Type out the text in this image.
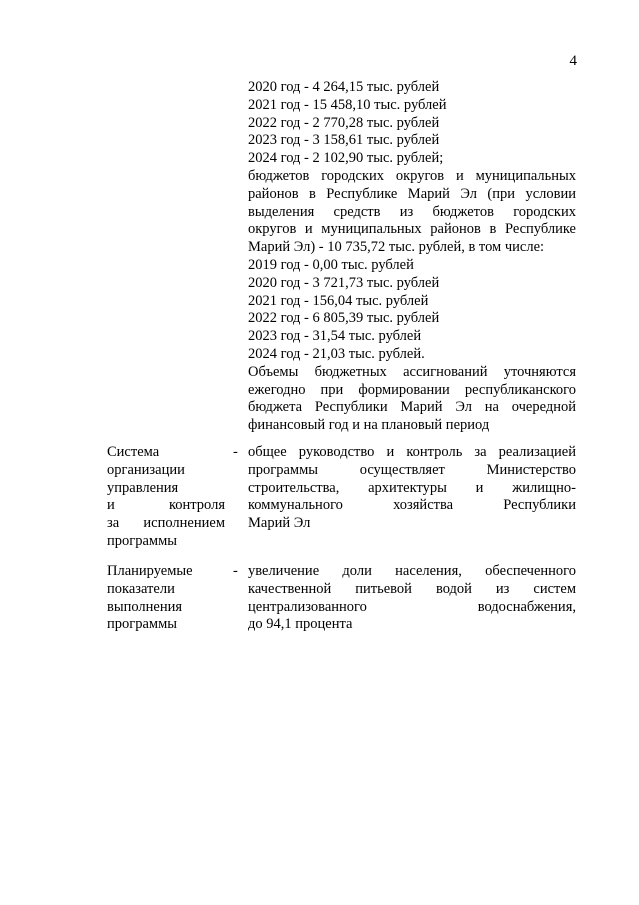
4
2020 год - 4 264,15 тыс. рублей
2021 год - 15 458,10 тыс. рублей
2022 год - 2 770,28 тыс. рублей
2023 год - 3 158,61 тыс. рублей
2024 год - 2 102,90 тыс. рублей;
бюджетов городских округов и муниципальных
районов в Республике Марий Эл (при условии
выделения средств из бюджетов городских
округов и муниципальных районов в Республике
Марий Эл) - 10 735,72 тыс. рублей, в том числе:
2019 год - 0,00 тыс. рублей
2020 год - 3 721,73 тыс. рублей
2021 год - 156,04 тыс. рублей
2022 год - 6 805,39 тыс. рублей
2023 год - 31,54 тыс. рублей
2024 год - 21,03 тыс. рублей.
Объемы бюджетных ассигнований уточняются
ежегодно при формировании республиканского
бюджета Республики Марий Эл на очередной
финансовый год и на плановый период
Система
организации
управления
и контроля
за исполнением
программы
- общее руководство и контроль за реализацией
программы осуществляет Министерство
строительства, архитектуры и жилищно-
коммунального хозяйства Республики
Марий Эл
Планируемые
показатели
выполнения
программы
- увеличение доли населения, обеспеченного
качественной питьевой водой из систем
централизованного водоснабжения,
до 94,1 процента
